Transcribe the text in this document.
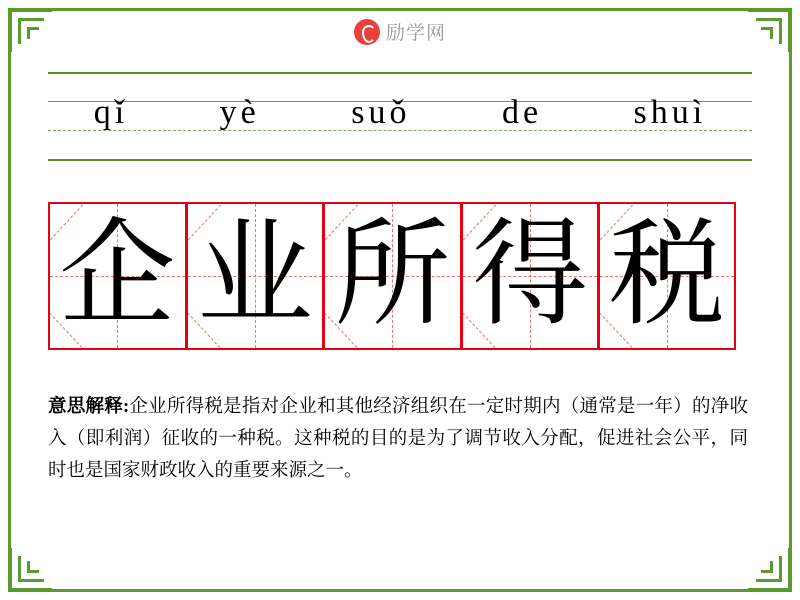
励学网
qǐ	yè	suǒ	de	shuì
企 业 所 得 税
意思解释:企业所得税是指对企业和其他经济组织在一定时期内（通常是一年）的净收入（即利润）征收的一种税。这种税的目的是为了调节收入分配，促进社会公平，同时也是国家财政收入的重要来源之一。
